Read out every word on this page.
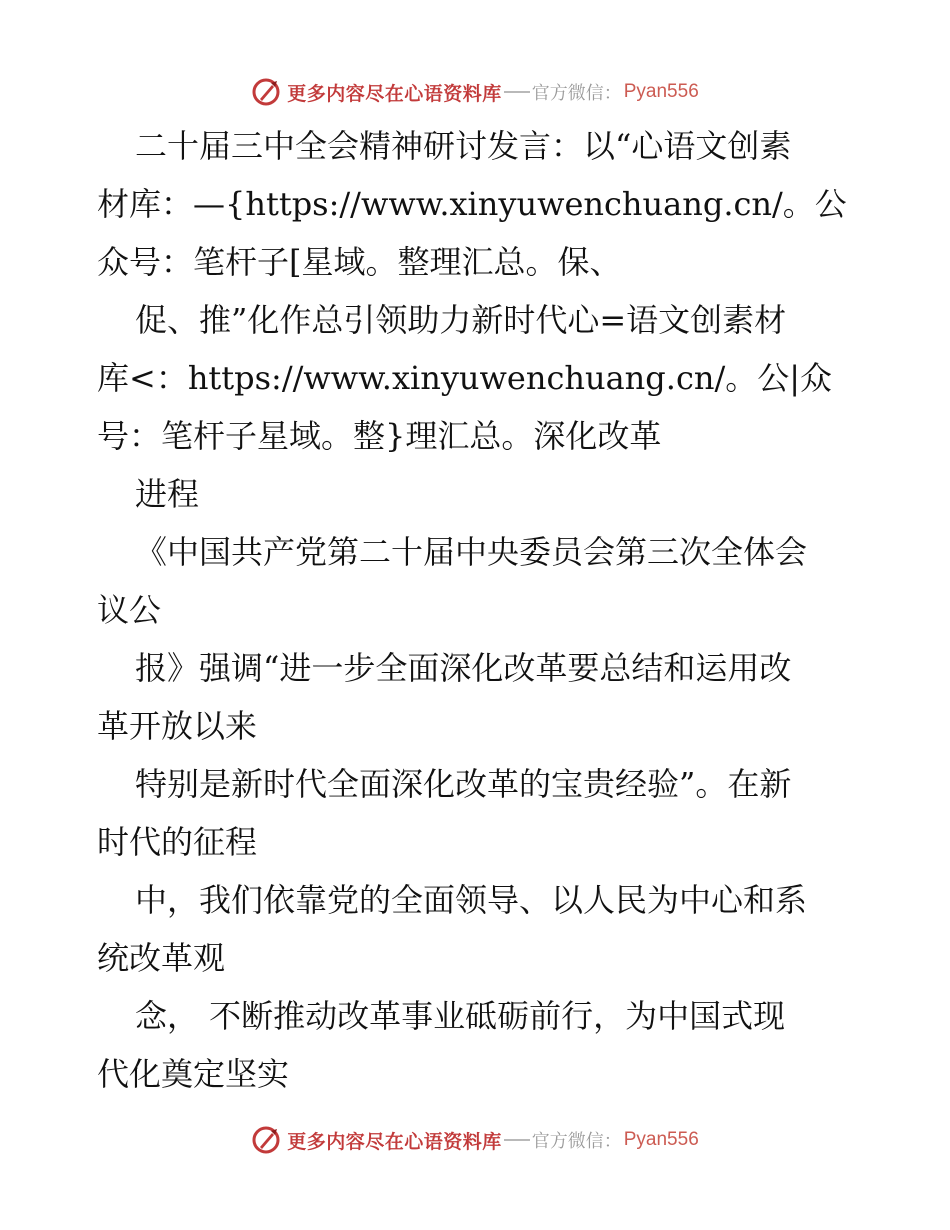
更多内容尽在心语资料库 官方微信： Pyan556
二十届三中全会精神研讨发言：以“心语文创素
材库：—{https://www.xinyuwenchuang.cn/。公
众号：笔杆子[星域。整理汇总。保、
促、推”化作总引领助力新时代心=语文创素材
库<：https://www.xinyuwenchuang.cn/。公|众
号：笔杆子星域。整}理汇总。深化改革
进程
《中国共产党第二十届中央委员会第三次全体会
议公
报》强调“进一步全面深化改革要总结和运用改
革开放以来
特别是新时代全面深化改革的宝贵经验”。在新
时代的征程
中，我们依靠党的全面领导、以人民为中心和系
统改革观
念， 不断推动改革事业砥砺前行，为中国式现
代化奠定坚实
更多内容尽在心语资料库 官方微信： Pyan556
